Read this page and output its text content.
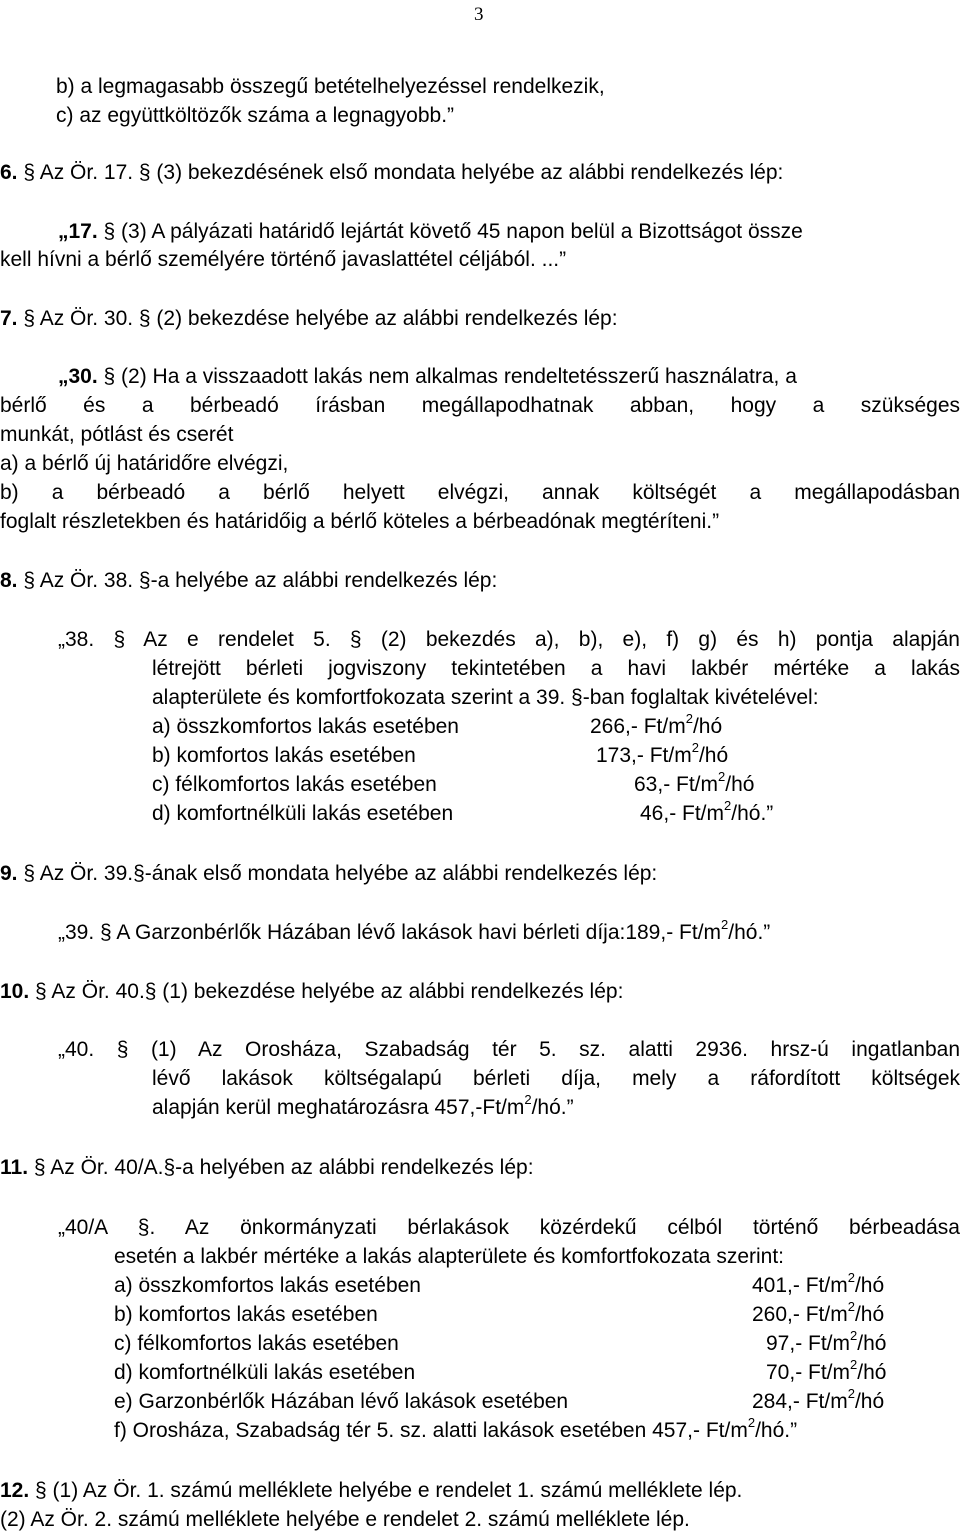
3
b) a legmagasabb összegű betételhelyezéssel rendelkezik,
c) az együttköltözők száma a legnagyobb.”
6. § Az Ör. 17. § (3) bekezdésének első mondata helyébe az alábbi rendelkezés lép:
„17. § (3) A pályázati határidő lejártát követő 45 napon belül a Bizottságot össze
kell hívni a bérlő személyére történő javaslattétel céljából. ...”
7. § Az Ör. 30. § (2) bekezdése helyébe az alábbi rendelkezés lép:
„30. § (2) Ha a visszaadott lakás nem alkalmas rendeltetésszerű használatra, a
bérlő és a bérbeadó írásban megállapodhatnak abban, hogy a szükséges
munkát, pótlást és cserét
a) a bérlő új határidőre elvégzi,
b) a bérbeadó a bérlő helyett elvégzi, annak költségét a megállapodásban
foglalt részletekben és határidőig a bérlő köteles a bérbeadónak megtéríteni.”
8. § Az Ör. 38. §-a helyébe az alábbi rendelkezés lép:
„38. § Az e rendelet 5. § (2) bekezdés a), b), e), f) g) és h) pontja alapján
létrejött bérleti jogviszony tekintetében a havi lakbér mértéke a lakás
alapterülete és komfortfokozata szerint a 39. §-ban foglaltak kivételével:
a) összkomfortos lakás esetében	266,- $Ft/m^2/hó$
b) komfortos lakás esetében	173,- $Ft/m^2/hó$
c) félkomfortos lakás esetében	63,- $Ft/m^2/hó$
d) komfortnélküli lakás esetében	46,- $Ft/m^2/hó$.”
9. § Az Ör. 39.§-ának első mondata helyébe az alábbi rendelkezés lép:
„39. § A Garzonbérlők Házában lévő lakások havi bérleti díja:189,- $Ft/m^2/hó$.”
10. § Az Ör. 40.§ (1) bekezdése helyébe az alábbi rendelkezés lép:
„40. § (1) Az Orosháza, Szabadság tér 5. sz. alatti 2936. hrsz-ú ingatlanban
lévő lakások költségalapú bérleti díja, mely a ráfordított költségek
alapján kerül meghatározásra $457,-Ft/m^2/hó$.”
11. § Az Ör. 40/A.§-a helyében az alábbi rendelkezés lép:
„40/A §. Az önkormányzati bérlakások közérdekű célból történő bérbeadása
esetén a lakbér mértéke a lakás alapterülete és komfortfokozata szerint:
a) összkomfortos lakás esetében	401,- $Ft/m^2/hó$
b) komfortos lakás esetében	260,- $Ft/m^2/hó$
c) félkomfortos lakás esetében	97,- $Ft/m^2/hó$
d) komfortnélküli lakás esetében	70,- $Ft/m^2/hó$
e) Garzonbérlők Házában lévő lakások esetében	284,- $Ft/m^2/hó$
f) Orosháza, Szabadság tér 5. sz. alatti lakások esetében 457,- $Ft/m^2/hó$.”
12. § (1) Az Ör. 1. számú melléklete helyébe e rendelet 1. számú melléklete lép.
(2) Az Ör. 2. számú melléklete helyébe e rendelet 2. számú melléklete lép.
